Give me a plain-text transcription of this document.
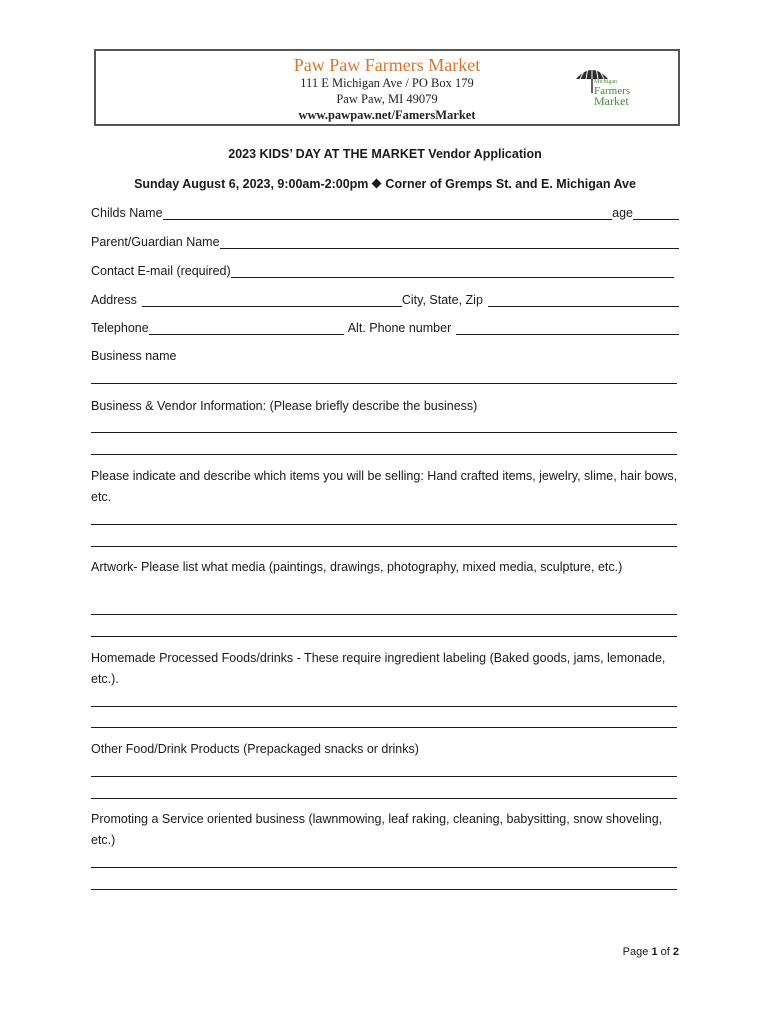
Paw Paw Farmers Market
111 E Michigan Ave / PO Box 179
Paw Paw, MI 49079
www.pawpaw.net/FamersMarket
Michigan
Farmers
Market
2023 KIDS’ DAY AT THE MARKET Vendor Application
Sunday August 6, 2023, 9:00am-2:00pm Corner of Gremps St. and E. Michigan Ave
Childs Name	age
Parent/Guardian Name
Contact E-mail (required)
Address	City, State, Zip
Telephone	Alt. Phone number
Business name
Business & Vendor Information: (Please briefly describe the business)
Please indicate and describe which items you will be selling: Hand crafted items, jewelry, slime, hair bows, etc.
Artwork- Please list what media (paintings, drawings, photography, mixed media, sculpture, etc.)
Homemade Processed Foods/drinks - These require ingredient labeling (Baked goods, jams, lemonade, etc.).
Other Food/Drink Products (Prepackaged snacks or drinks)
Promoting a Service oriented business (lawnmowing, leaf raking, cleaning, babysitting, snow shoveling, etc.)
Page 1 of 2
